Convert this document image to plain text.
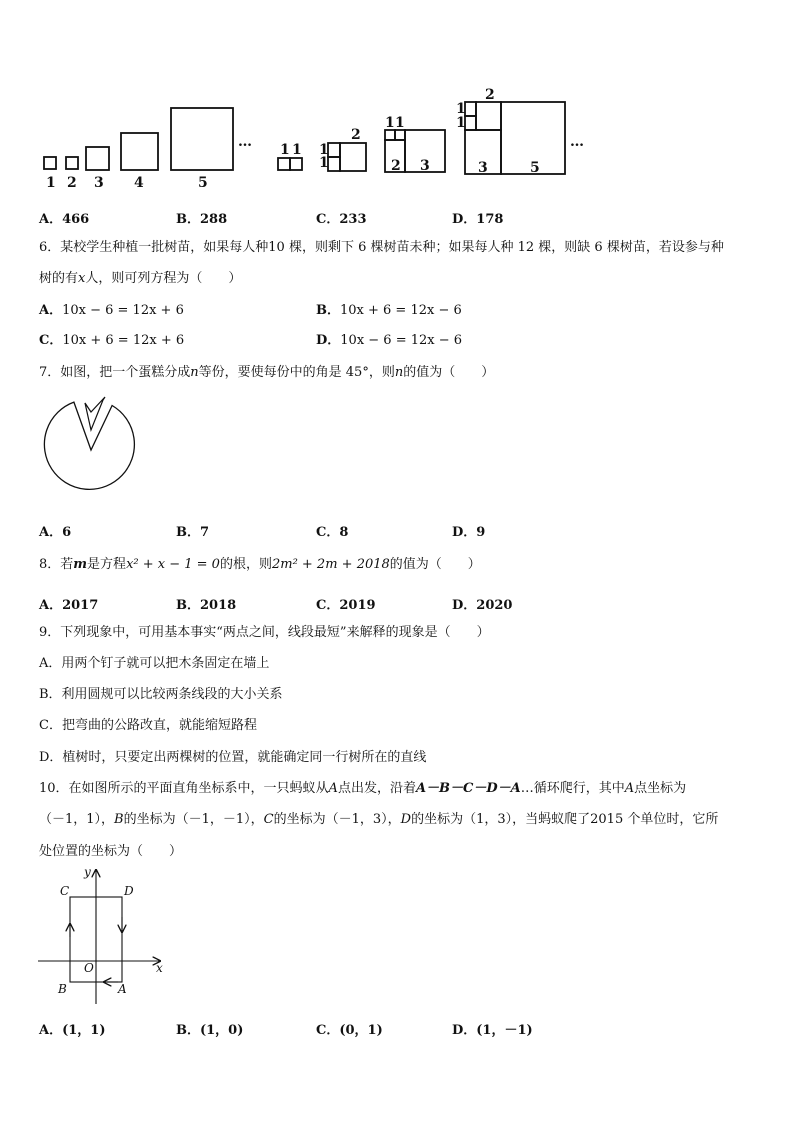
1 2 3 4	5
… 1 1 1
1
2
1 1
2 3
1
1
2
3	5
…
A．466	B．288	C．233	D．178
6．某校学生种植一批树苗，如果每人种10 棵，则剩下 6 棵树苗未种；如果每人种 12 棵，则缺 6 棵树苗，若设参与种
树的有x人，则可列方程为（　　）
A．10x − 6 = 12x + 6	B．10x + 6 = 12x − 6
C．10x + 6 = 12x + 6	D．10x − 6 = 12x − 6
7．如图，把一个蛋糕分成n等份，要使每份中的角是 45°，则n的值为（　　）
A．6	B．7	C．8	D．9
8．若m是方程x² + x − 1 = 0的根，则2m² + 2m + 2018的值为（　　）
A．2017	B．2018	C．2019	D．2020
9．下列现象中，可用基本事实“两点之间，线段最短”来解释的现象是（　　）
A．用两个钉子就可以把木条固定在墙上
B．利用圆规可以比较两条线段的大小关系
C．把弯曲的公路改直，就能缩短路程
D．植树时，只要定出两棵树的位置，就能确定同一行树所在的直线
10．在如图所示的平面直角坐标系中，一只蚂蚁从A点出发，沿着A－B－C－D－A…循环爬行，其中A点坐标为
（－1，1），B的坐标为（－1，－1），C的坐标为（－1，3），D的坐标为（1，3），当蚂蚁爬了2015 个单位时，它所
处位置的坐标为（　　）
y
x
O
C	D
B	A
A．(1，1)	B．(1，0)	C．(0，1)	D．(1，－1)
